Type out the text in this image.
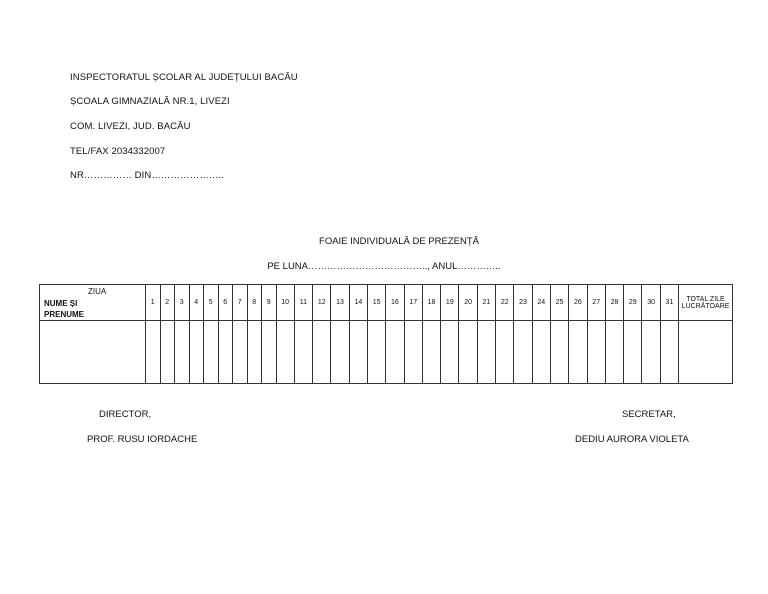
INSPECTORATUL ȘCOLAR AL JUDEȚULUI BACĂU
ȘCOALA GIMNAZIALĂ NR.1, LIVEZI
COM. LIVEZI, JUD. BACĂU
TEL/FAX 2034332007
NR…………… DIN…………………..
FOAIE INDIVIDUALĂ DE PREZENȚĂ
PE LUNA……………………………….., ANUL…………..
ZIUA
NUME ȘI
PRENUME	1	2	3	4	5	6	7	8	9	10	11	12	13	14	15	16	17	18	19	20	21	22	23	24	25	26	27	28	29	30	31	TOTAL ZILE
LUCRĂTOARE

DIRECTOR,
PROF. RUSU IORDACHE
SECRETAR,
DEDIU AURORA VIOLETA
